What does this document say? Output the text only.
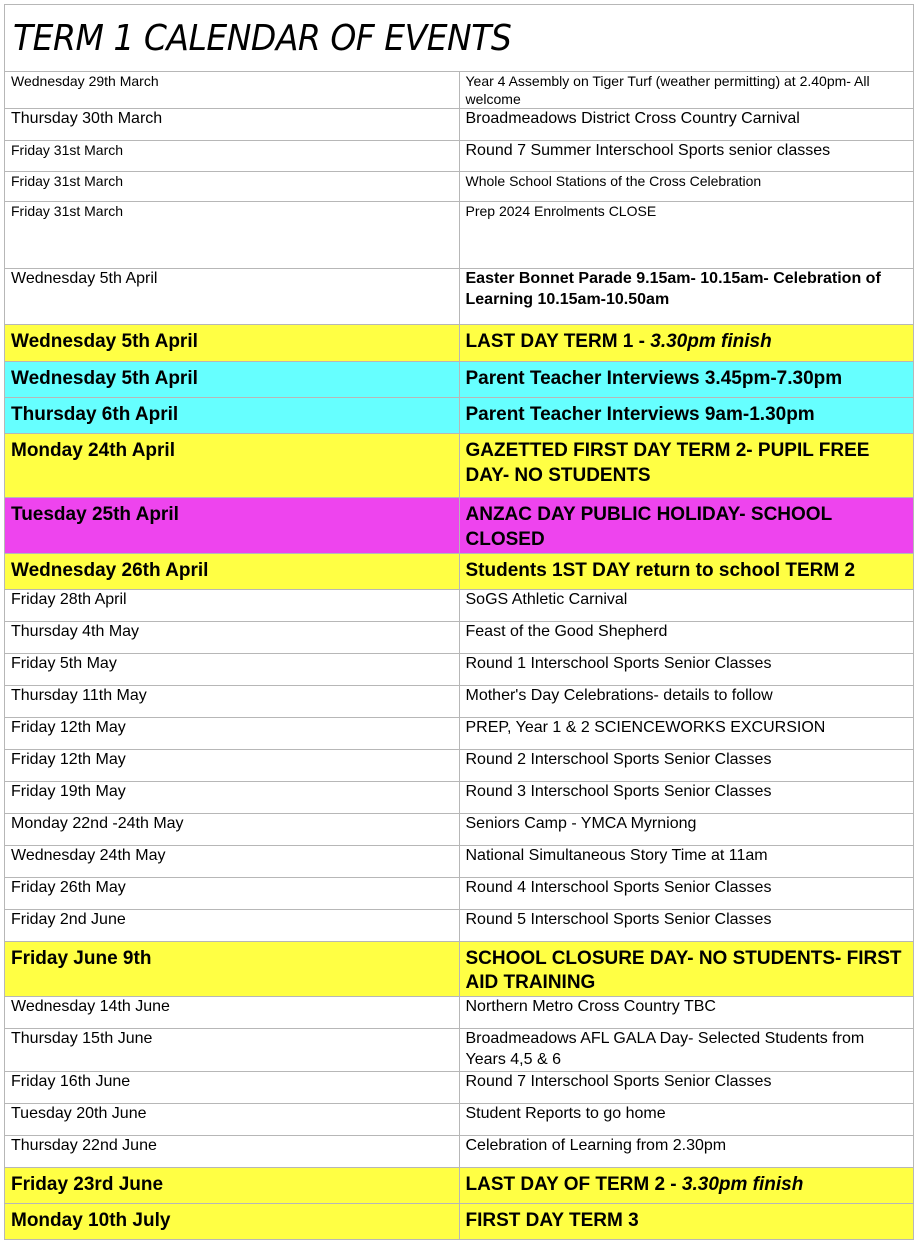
TERM 1 CALENDAR OF EVENTS	
Wednesday 29th March	Year 4 Assembly on Tiger Turf (weather permitting) at 2.40pm- All welcome
Thursday 30th March	Broadmeadows District Cross Country Carnival
Friday 31st March	Round 7 Summer Interschool Sports senior classes
Friday 31st March	Whole School Stations of the Cross Celebration
Friday 31st March	Prep 2024 Enrolments CLOSE
Wednesday 5th April	Easter Bonnet Parade 9.15am- 10.15am- Celebration of Learning 10.15am-10.50am
Wednesday 5th April	LAST DAY TERM 1 - 3.30pm finish
Wednesday 5th April	Parent Teacher Interviews 3.45pm-7.30pm
Thursday 6th April	Parent Teacher Interviews 9am-1.30pm
Monday 24th April	GAZETTED FIRST DAY TERM 2- PUPIL FREE DAY- NO STUDENTS
Tuesday 25th April	ANZAC DAY PUBLIC HOLIDAY- SCHOOL CLOSED
Wednesday 26th April	Students 1ST DAY return to school TERM 2
Friday 28th April	SoGS Athletic Carnival
Thursday 4th May	Feast of the Good Shepherd
Friday 5th May	Round 1 Interschool Sports Senior Classes
Thursday 11th May	Mother's Day Celebrations- details to follow
Friday 12th May	PREP, Year 1 & 2 SCIENCEWORKS EXCURSION
Friday 12th May	Round 2 Interschool Sports Senior Classes
Friday 19th May	Round 3 Interschool Sports Senior Classes
Monday 22nd -24th May	Seniors Camp - YMCA Myrniong
Wednesday 24th May	National Simultaneous Story Time at 11am
Friday 26th May	Round 4 Interschool Sports Senior Classes
Friday 2nd June	Round 5 Interschool Sports Senior Classes
Friday June 9th	SCHOOL CLOSURE DAY- NO STUDENTS- FIRST AID TRAINING
Wednesday 14th June	Northern Metro Cross Country TBC
Thursday 15th June	Broadmeadows AFL GALA Day- Selected Students from Years 4,5 & 6
Friday 16th June	Round 7 Interschool Sports Senior Classes
Tuesday 20th June	Student Reports to go home
Thursday 22nd June	Celebration of Learning from 2.30pm
Friday 23rd June	LAST DAY OF TERM 2 - 3.30pm finish
Monday 10th July	FIRST DAY TERM 3
